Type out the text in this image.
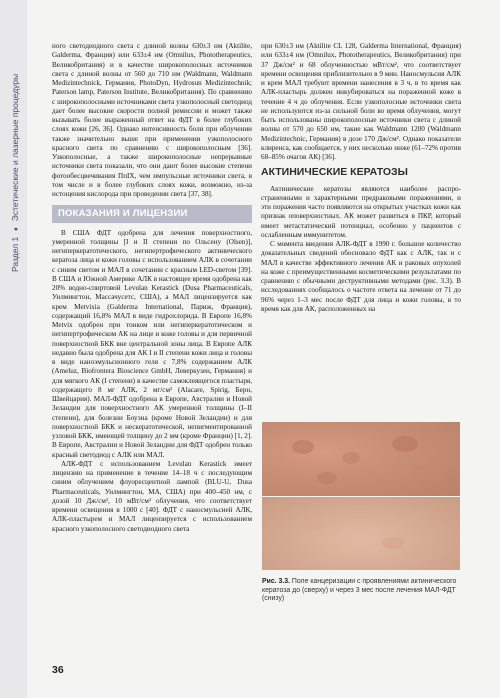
Раздел 1♦Эстетические и лазерные процедуры

ного светодиодного света с длиной волны 630±3 нм (Aktilite, Galderma, Франция) или 633±4 нм (Omnilux, Phototherapeutics, Великобритания) и в качестве широкополосных источников света с длиной волны от 560 до 710 нм (Waldmann, Waldmann Medizintechnick, Германия, PhotoDyn, Hydrosun Medizintechnik; Paterson lamp, Paterson Institute, Великобритания). По сравнению с широкополосными источниками света узкополосный светодиод дает более высокие скорости полной ремиссии и может также вызывать более выраженный ответ на ФДТ в более глубоких слоях кожи [26, 36]. Однако интенсивность боли при облучении также значительно выше при применении узкополосного красного света по сравнению с широкополосным [36]. Узкополосные, а также широкополосные непрерывные источники света показали, что они дают более высокие степени фотообесцвечивания ПпIХ, чем импульсные источники света, в том числе и в более глубоких слоях кожи, возможно, из-за истощения кислорода при проведении света [37, 38].

ПОКАЗАНИЯ И ЛИЦЕНЗИИ

В США ФДТ одобрена для лечения поверхностного, умеренной толщины [I и II степени по Ольсену (Olsen)], негиперкератотического, негипертрофического актинического кератоза лица и кожи головы с использованием АЛК в сочетании с синим светом и МАЛ в сочетании с красным LED-светом [39]. В США и Южной Америке АЛК в настоящее время одобрена как 20% водно-спиртовой Levulan Kerastick (Dusa Pharmaceuticals, Уилмингтон, Массачусетс, США), а МАЛ лицензируется как крем Metvixia (Galderma International, Париж, Франция), содержащий 16,8% МАЛ в виде гидрохлорида. В Европе 16,8% Metvix одобрен при тонком или негиперкератотическом и негипертрофическом АК на лице и коже головы и для первичной поверхностной БКК вне центральной зоны лица. В Европе АЛК недавно была одобрена для АК I и II степени кожи лица и головы в виде наноэмульсионного геля с 7,8% содержанием АЛК (Ameluz, Biofrontera Bioscience GmbH, Леверкузен, Германия) и для мягкого АК (I степени) в качестве самоклеящегося пластыря, содержащего 8 мг АЛК, 2 мг/см² (Alacare, Spirig, Берн, Швейцария). МАЛ-ФДТ одобрена в Европе, Австралии и Новой Зеландии для поверхностного АК умеренной толщины (I–II степени), для болезни Боуэна (кроме Новой Зеландии) и для поверхностной БКК и нескератотической, непигментированной узловой БКК, имеющей толщину до 2 мм (кроме Франции) [1, 2]. В Европе, Австралии и Новой Зеландии для ФДТ одобрен только красный светодиод с АЛК или МАЛ.

АЛК-ФДТ с использованием Levulan Kerastick имеет лицензию на применение в течение 14–18 ч с последующим синим облучением флуоресцентной лампой (BLU-U, Dusa Pharmaceuticals, Уилмингтон, МА, США) при 400–450 нм, с дозой 10 Дж/см², 10 мВт/см² облучения, что соответствует времени освещения в 1000 с [40]. ФДТ с наносмульсией АЛК, АЛК-пластырем и МАЛ лицензируется с использованием красного узкополосного светодиодного света

при 630±3 нм (Aktilite CL 128, Galderma International, Франция) или 633±4 нм (Omnilux, Phototherapeutics, Великобритания) при 37 Дж/см² и 68 облученностью мВт/см², что соответствует времени освещения приблизительно в 9 мин. Наносмульсия АЛК и крем МАЛ требуют времени нанесения в 3 ч, в то время как АЛК-пластырь должен инкубироваться на пораженной коже в течение 4 ч до облучения. Если узкополосные источники света не используются из-за сильной боли во время облучения, могут быть использованы широкополосные источники света с длиной волны от 570 до 650 нм, такие как Waldmann 1200 (Waldmann Medizintechnic, Германия) в дозе 170 Дж/см². Однако показатели клиренса, как сообщается, у них несколько ниже (61–72% против 68–85% очагов АК) [36].

АКТИНИЧЕСКИЕ КЕРАТОЗЫ

Актинические кератозы являются наиболее распространенными и характерными предраковыми поражениями, и эти поражения часто появляются на открытых участках кожи как признак оповерхностных. АК может развиться в ПКР, который имеет метастатический потенциал, особенно у пациентов с ослабленным иммунитетом.

С момента введения АЛК-ФДТ в 1990 г. большое количество доказательных сведений обосновало ФДТ как с АЛК, так и с МАЛ в качестве эффективного лечения АК и раковых опухолей на коже с преимущественными косметическими результатами по сравнению с обычными деструктивными методами (рис. 3.3). В исследованиях сообщалось о частоте ответа на лечение от 71 до 96% через 1–3 мес после ФДТ для лица и кожи головы, в то время как для АК, расположенных на

Рис. 3.3. Поле канцеризации с проявлениями актинического кератоза до (сверху) и через 3 мес после лечения МАЛ-ФДТ (снизу)
36
